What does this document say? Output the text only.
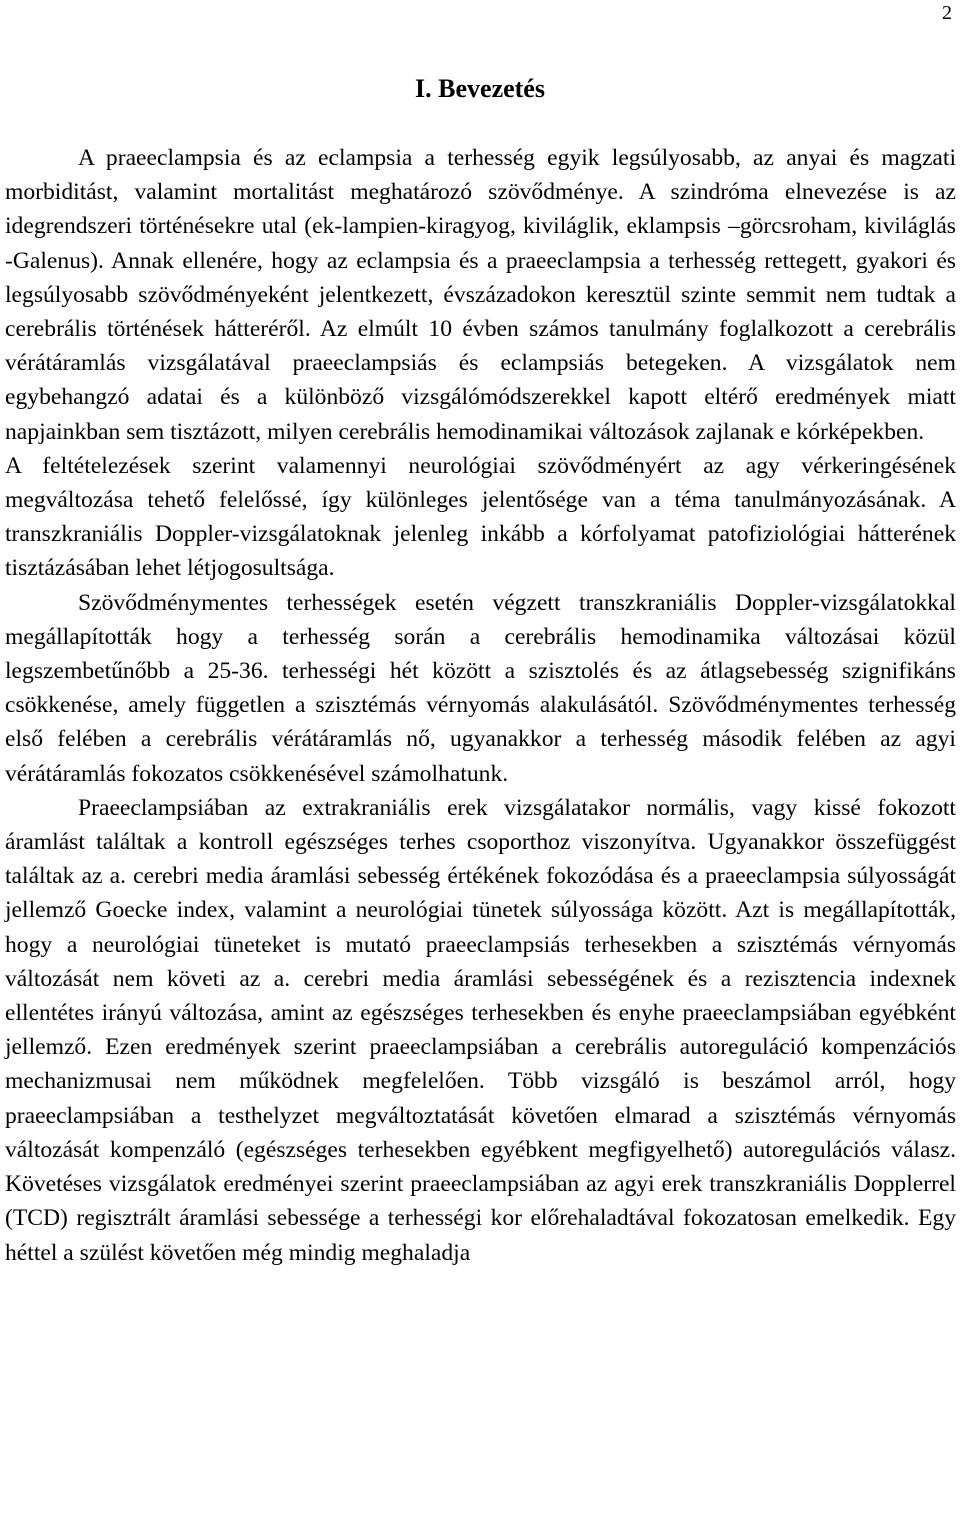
2
I. Bevezetés

A praeeclampsia és az eclampsia a terhesség egyik legsúlyosabb, az anyai és magzati morbiditást, valamint mortalitást meghatározó szövődménye. A szindróma elnevezése is az idegrendszeri történésekre utal (ek-lampien-kiragyog, kiviláglik, eklampsis –görcsroham, kiviláglás -Galenus). Annak ellenére, hogy az eclampsia és a praeeclampsia a terhesség rettegett, gyakori és legsúlyosabb szövődményeként jelentkezett, évszázadokon keresztül szinte semmit nem tudtak a cerebrális történések hátteréről. Az elmúlt 10 évben számos tanulmány foglalkozott a cerebrális vérátáramlás vizsgálatával praeeclampsiás és eclampsiás betegeken. A vizsgálatok nem egybehangzó adatai és a különböző vizsgálómódszerekkel kapott eltérő eredmények miatt napjainkban sem tisztázott, milyen cerebrális hemodinamikai változások zajlanak e kórképekben.

A feltételezések szerint valamennyi neurológiai szövődményért az agy vérkeringésének megváltozása tehető felelőssé, így különleges jelentősége van a téma tanulmányozásának. A transzkraniális Doppler-vizsgálatoknak jelenleg inkább a kórfolyamat patofiziológiai hátterének tisztázásában lehet létjogosultsága.

Szövődménymentes terhességek esetén végzett transzkraniális Doppler-vizsgálatokkal megállapították hogy a terhesség során a cerebrális hemodinamika változásai közül legszembetűnőbb a 25-36. terhességi hét között a szisztolés és az átlagsebesség szignifikáns csökkenése, amely független a szisztémás vérnyomás alakulásától. Szövődménymentes terhesség első felében a cerebrális vérátáramlás nő, ugyanakkor a terhesség második felében az agyi vérátáramlás fokozatos csökkenésével számolhatunk.

Praeeclampsiában az extrakraniális erek vizsgálatakor normális, vagy kissé fokozott áramlást találtak a kontroll egészséges terhes csoporthoz viszonyítva. Ugyanakkor összefüggést találtak az a. cerebri media áramlási sebesség értékének fokozódása és a praeeclampsia súlyosságát jellemző Goecke index, valamint a neurológiai tünetek súlyossága között. Azt is megállapították, hogy a neurológiai tüneteket is mutató praeeclampsiás terhesekben a szisztémás vérnyomás változását nem követi az a. cerebri media áramlási sebességének és a rezisztencia indexnek ellentétes irányú változása, amint az egészséges terhesekben és enyhe praeeclampsiában egyébként jellemző. Ezen eredmények szerint praeeclampsiában a cerebrális autoreguláció kompenzációs mechanizmusai nem működnek megfelelően. Több vizsgáló is beszámol arról, hogy praeeclampsiában a testhelyzet megváltoztatását követően elmarad a szisztémás vérnyomás változását kompenzáló (egészséges terhesekben egyébkent megfigyelhető) autoregulációs válasz. Követéses vizsgálatok eredményei szerint praeeclampsiában az agyi erek transzkraniális Dopplerrel (TCD) regisztrált áramlási sebessége a terhességi kor előrehaladtával fokozatosan emelkedik. Egy héttel a szülést követően még mindig meghaladja
